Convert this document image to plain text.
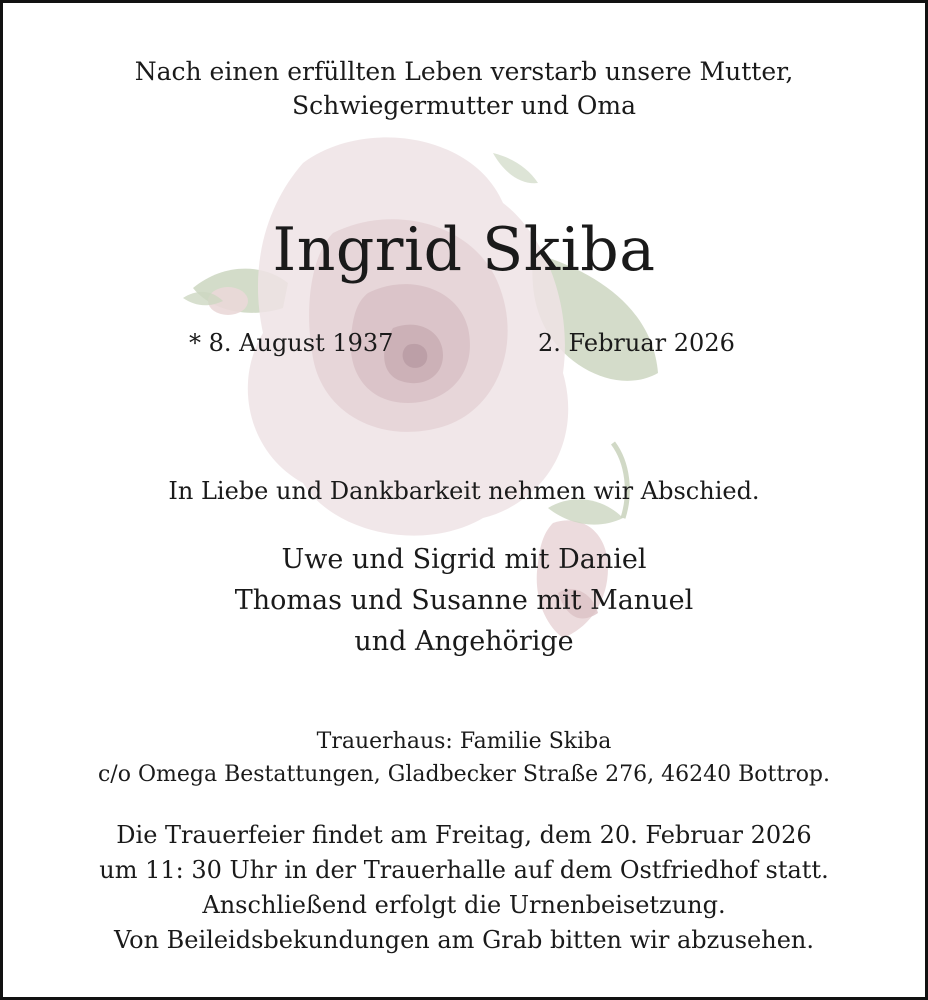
Nach einen erfüllten Leben verstarb unsere Mutter,
Schwiegermutter und Oma
Ingrid Skiba
* 8. August 1937	2. Februar 2026
In Liebe und Dankbarkeit nehmen wir Abschied.
Uwe und Sigrid mit Daniel
Thomas und Susanne mit Manuel
und Angehörige
Trauerhaus: Familie Skiba
c/o Omega Bestattungen, Gladbecker Straße 276, 46240 Bottrop.
Die Trauerfeier findet am Freitag, dem 20. Februar 2026
um 11: 30 Uhr in der Trauerhalle auf dem Ostfriedhof statt.
Anschließend erfolgt die Urnenbeisetzung.
Von Beileidsbekundungen am Grab bitten wir abzusehen.
